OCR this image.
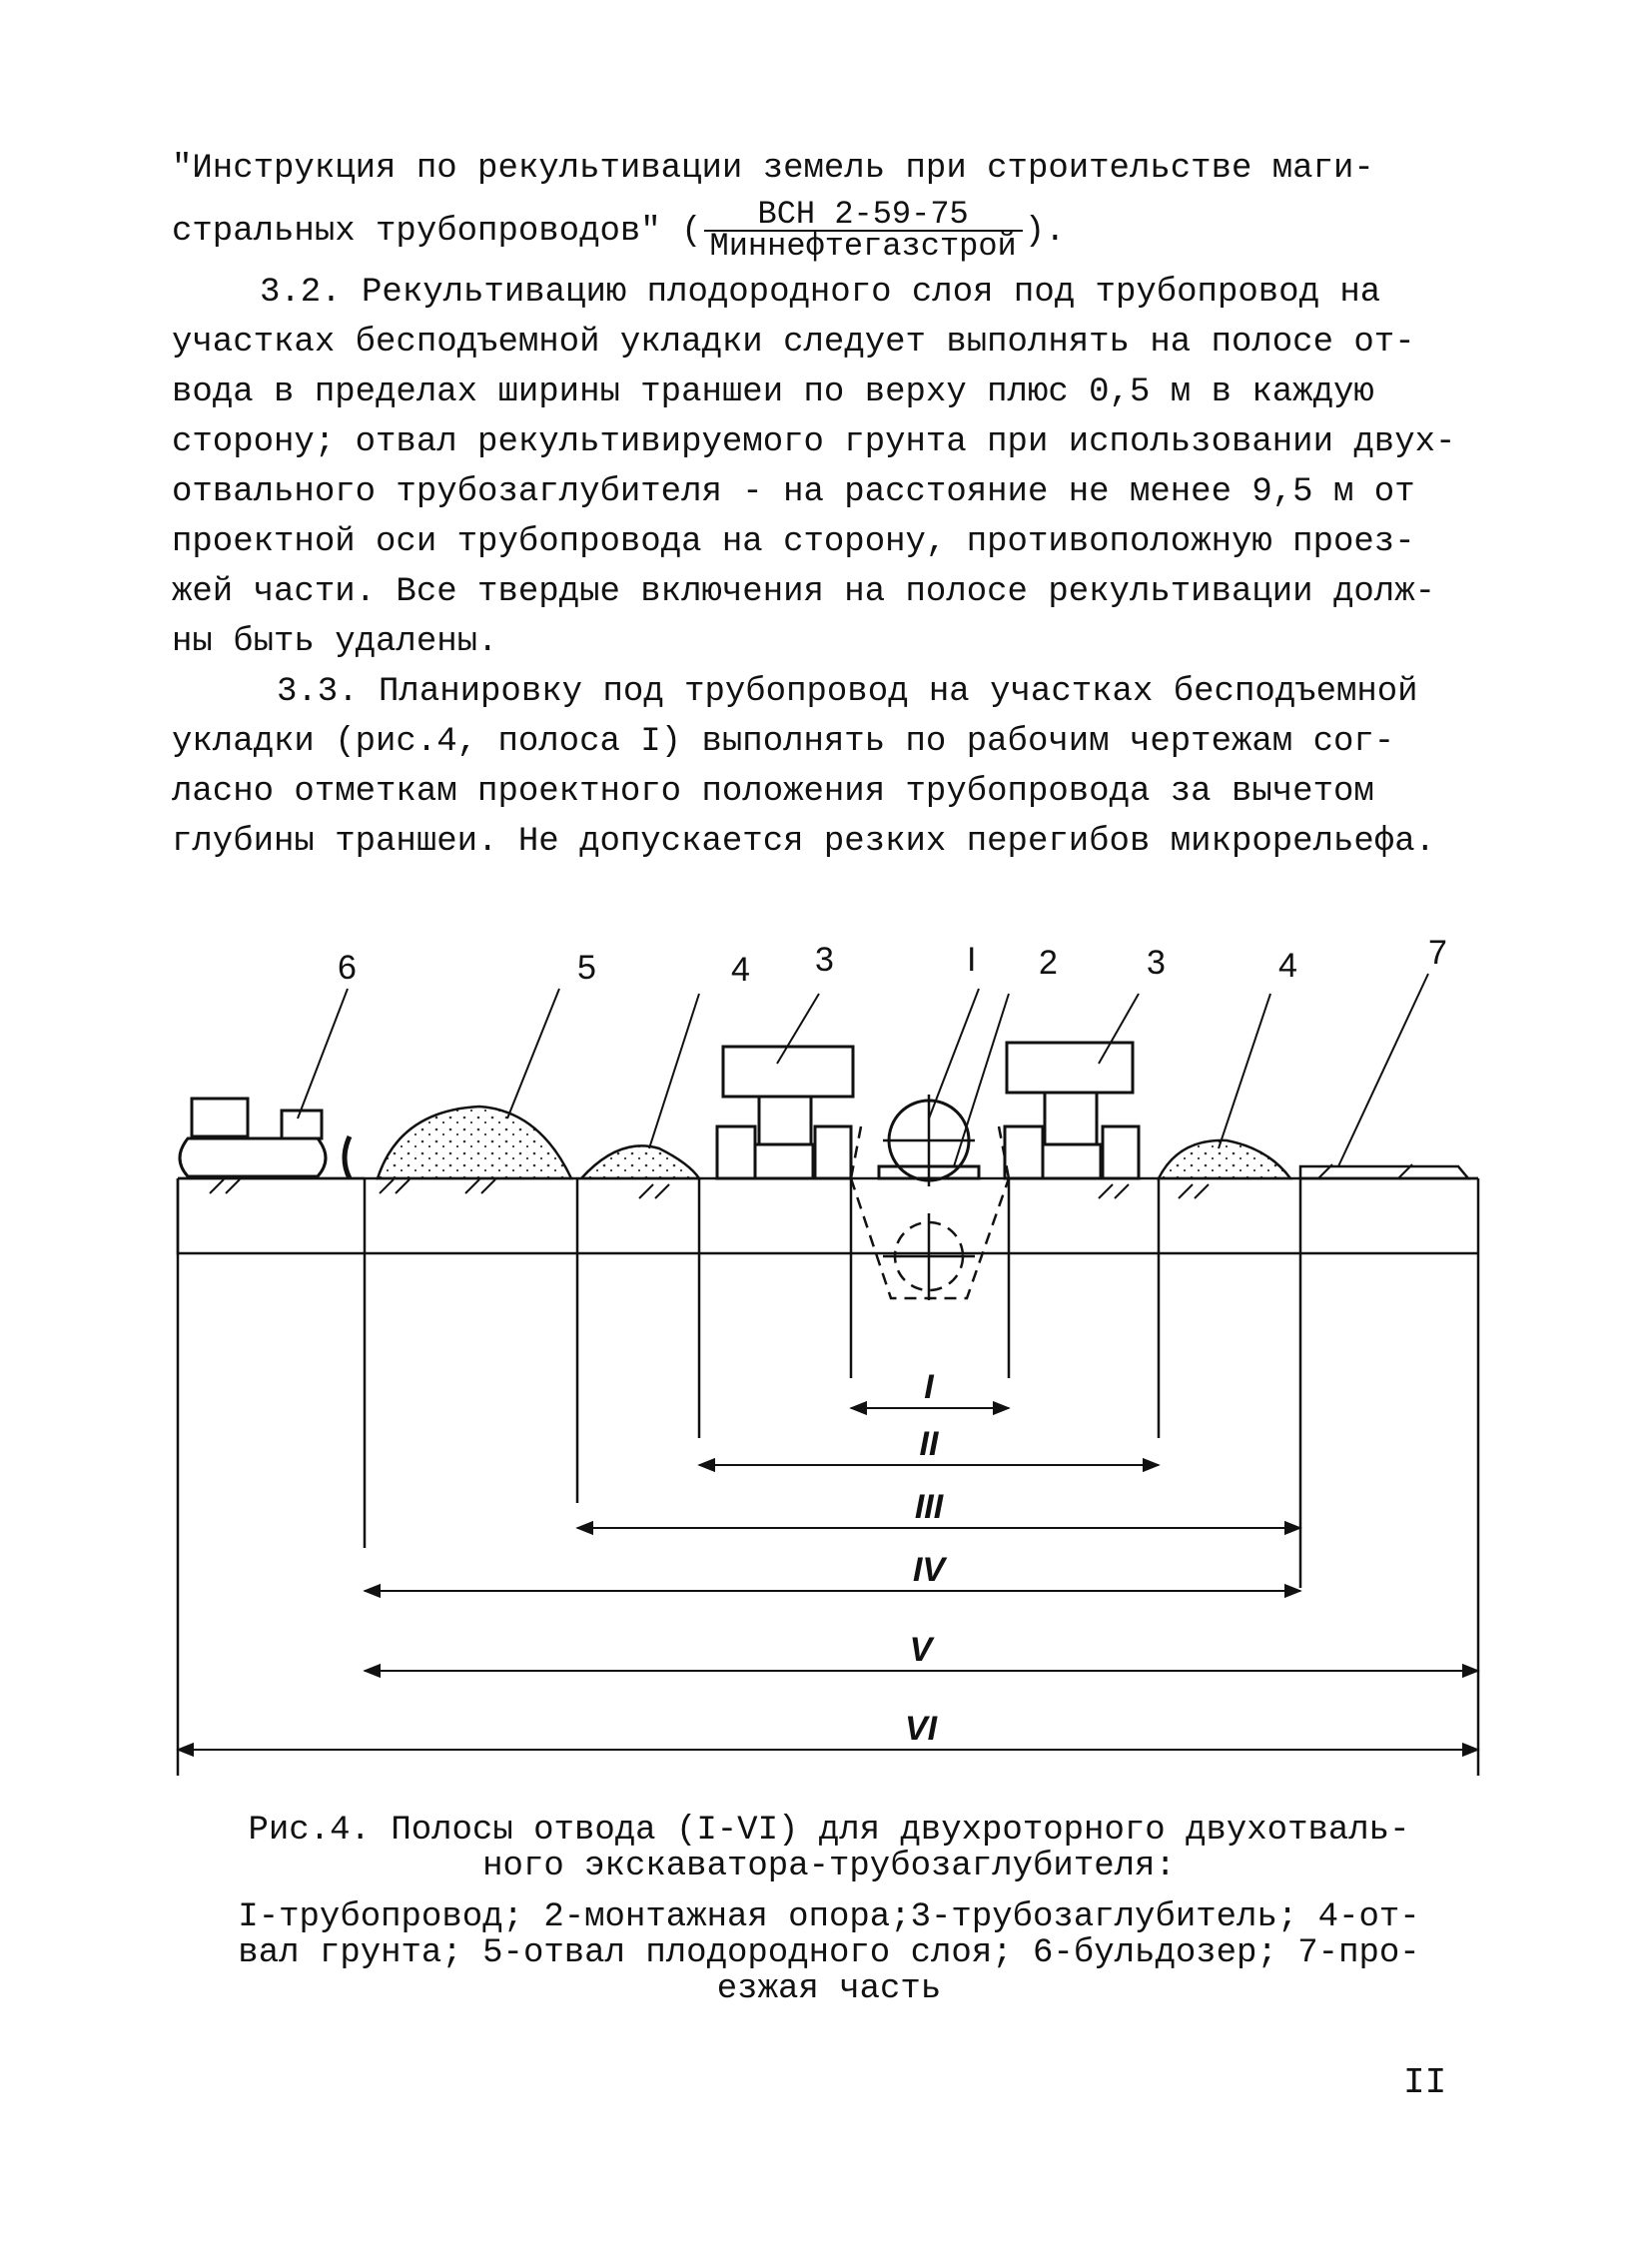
"Инструкция по рекультивации земель при строительстве маги-
стральных трубопроводов" ( $\frac{\text{ВСН 2-59-75}}{\text{Миннефтегазстрой}}$ ).

3.2. Рекультивацию плодородного слоя под трубопровод на

участках бесподъемной укладки следует выполнять на полосе от-

вода в пределах ширины траншеи по верху плюс 0,5 м в каждую

сторону; отвал рекультивируемого грунта при использовании двух-

отвального трубозаглубителя - на расстояние не менее 9,5 м от

проектной оси трубопровода на сторону, противоположную проез-

жей части. Все твердые включения на полосе рекультивации долж-

ны быть удалены.

3.3. Планировку под трубопровод на участках бесподъемной

укладки (рис.4, полоса I) выполнять по рабочим чертежам сог-

ласно отметкам проектного положения трубопровода за вычетом

глубины траншеи. Не допускается резких перегибов микрорельефа.

6	5	4 3	I 2	3	4	7
I
II
III
IV
V
VI
Рис.4. Полосы отвода (I-VI) для двухроторного двухотваль-
ного экскаватора-трубозаглубителя:
I-трубопровод; 2-монтажная опора;3-трубозаглубитель; 4-от-
вал грунта; 5-отвал плодородного слоя; 6-бульдозер; 7-про-
езжая часть
II
